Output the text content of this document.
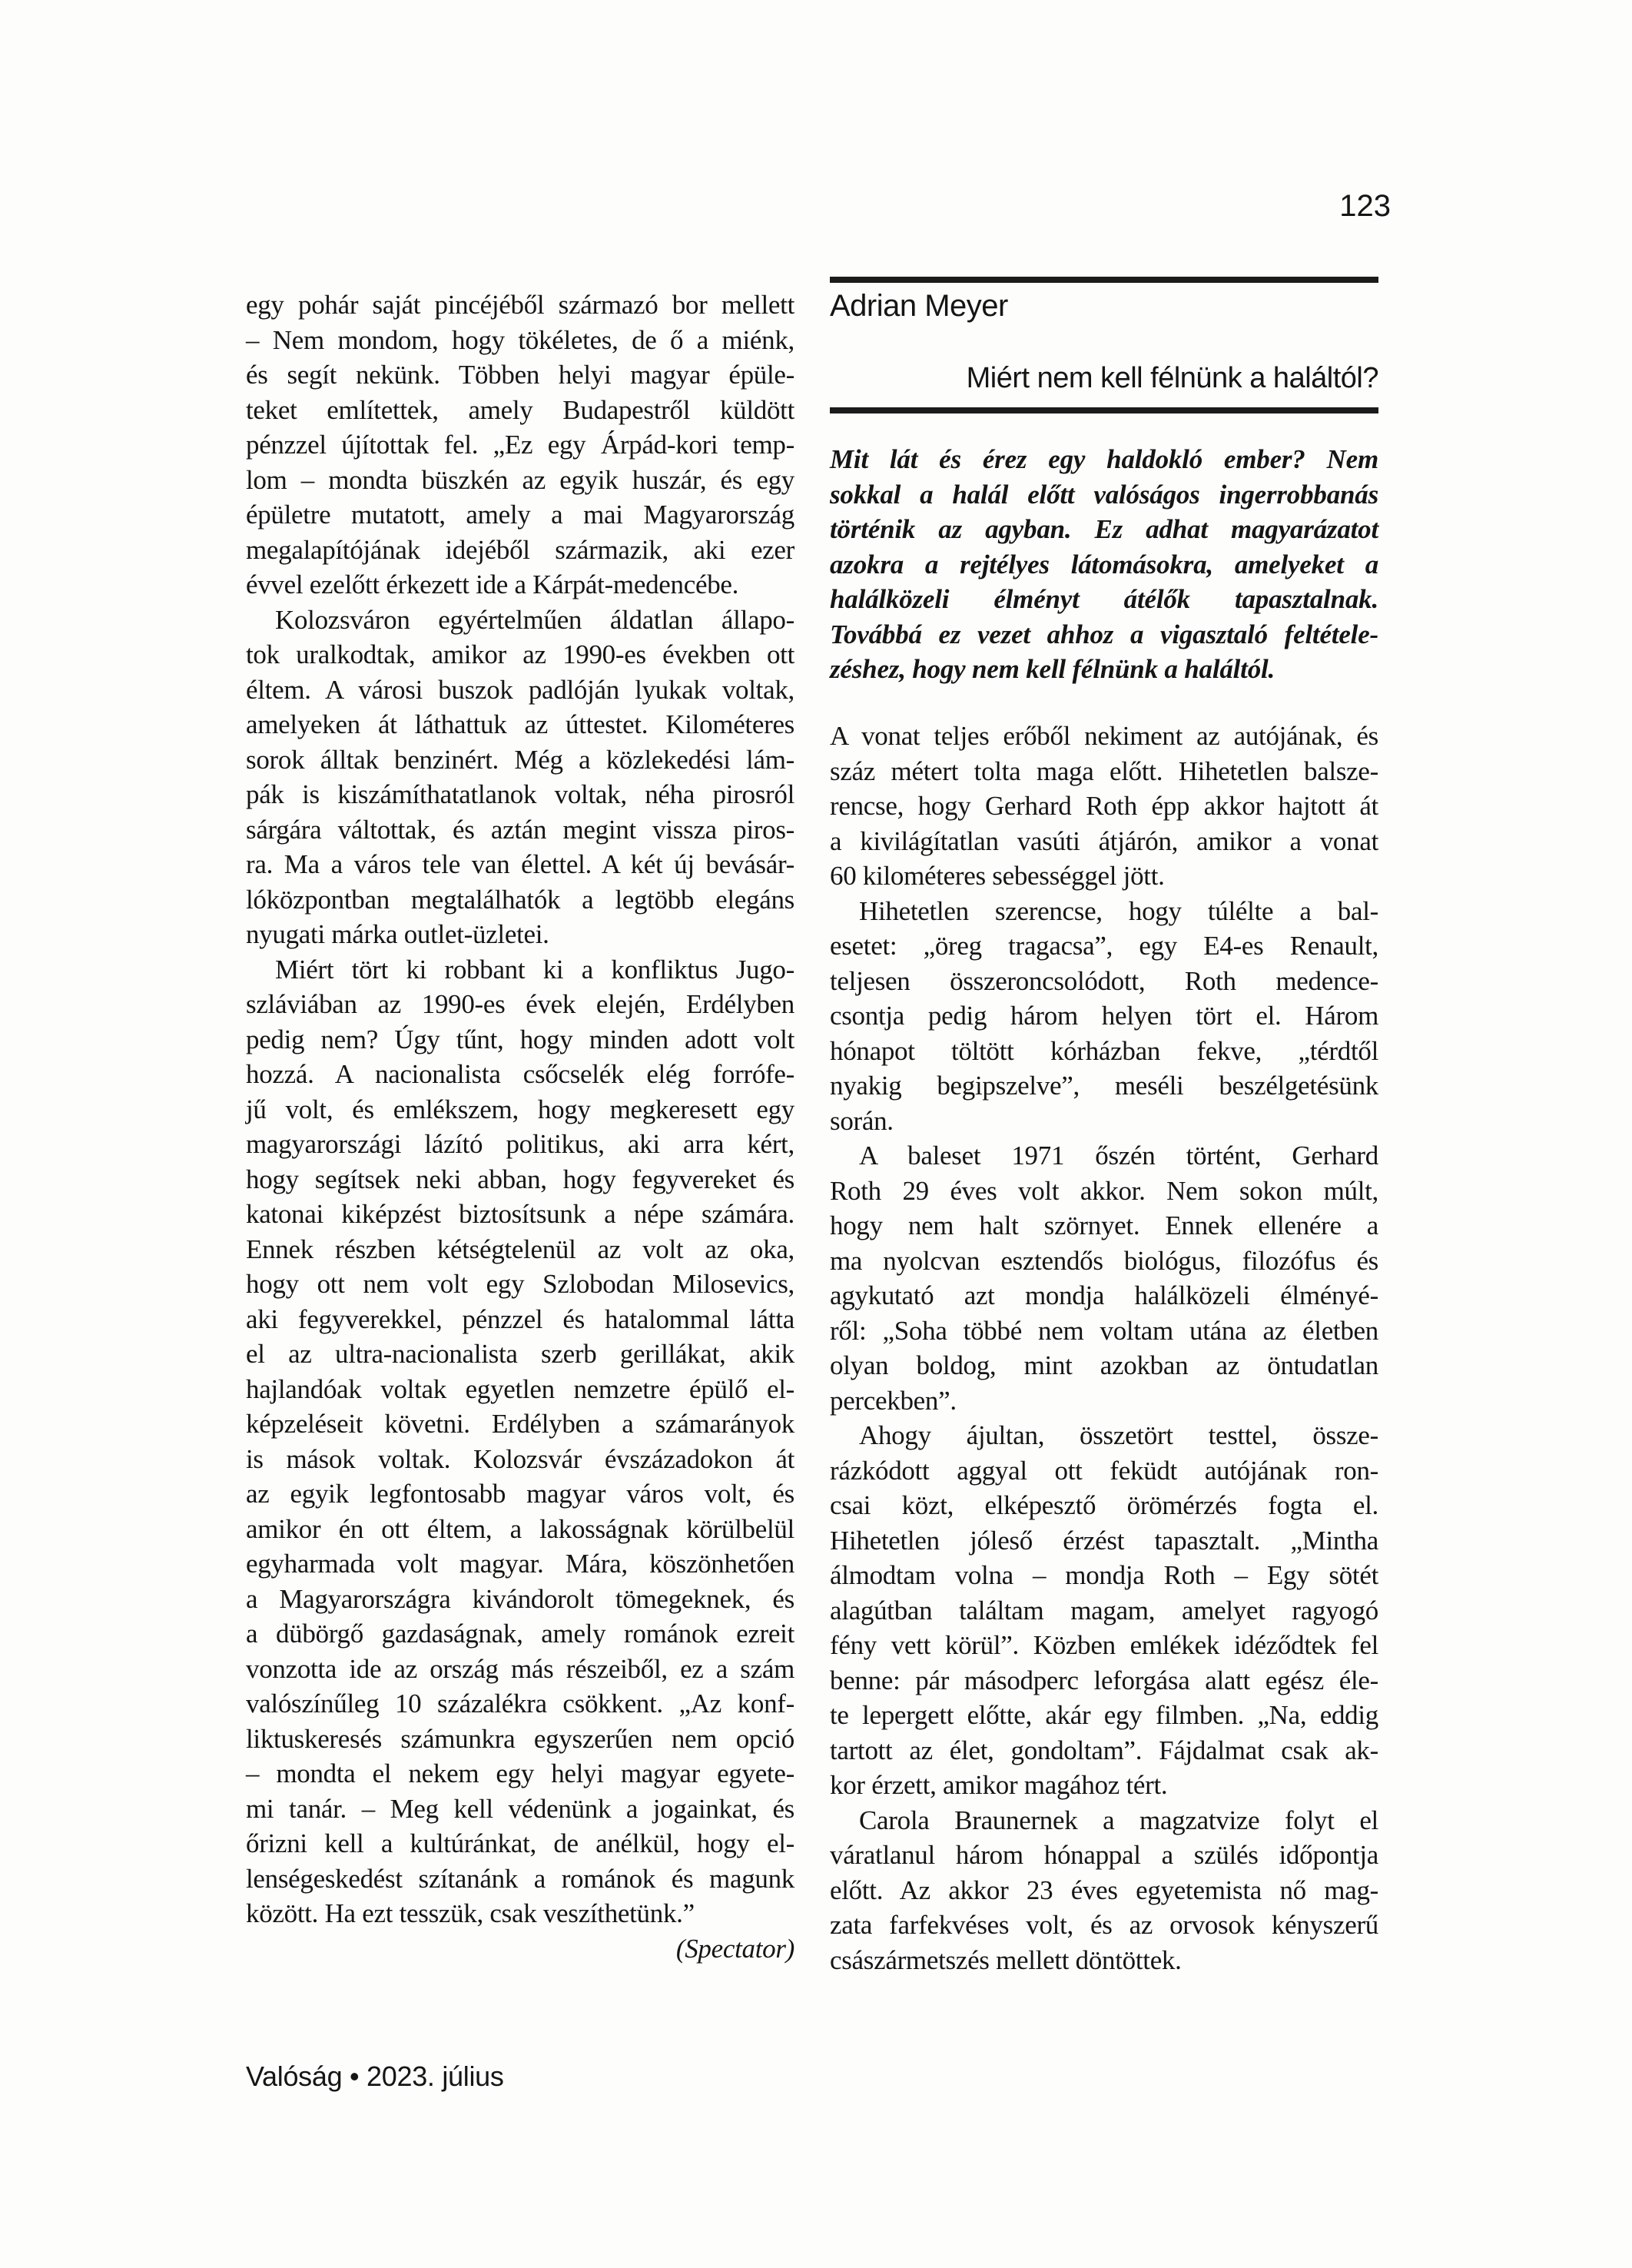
123
egy pohár saját pincéjéből származó bor mellett
– Nem mondom, hogy tökéletes, de ő a miénk,
és segít nekünk. Többen helyi magyar épüle-
teket említettek, amely Budapestről küldött
pénzzel újítottak fel. „Ez egy Árpád-kori temp-
lom – mondta büszkén az egyik huszár, és egy
épületre mutatott, amely a mai Magyarország
megalapítójának idejéből származik, aki ezer
évvel ezelőtt érkezett ide a Kárpát-medencébe.
Kolozsváron egyértelműen áldatlan állapo-
tok uralkodtak, amikor az 1990-es években ott
éltem. A városi buszok padlóján lyukak voltak,
amelyeken át láthattuk az úttestet. Kilométeres
sorok álltak benzinért. Még a közlekedési lám-
pák is kiszámíthatatlanok voltak, néha pirosról
sárgára váltottak, és aztán megint vissza piros-
ra. Ma a város tele van élettel. A két új bevásár-
lóközpontban megtalálhatók a legtöbb elegáns
nyugati márka outlet-üzletei.
Miért tört ki robbant ki a konfliktus Jugo-
szláviában az 1990-es évek elején, Erdélyben
pedig nem? Úgy tűnt, hogy minden adott volt
hozzá. A nacionalista csőcselék elég forrófe-
jű volt, és emlékszem, hogy megkeresett egy
magyarországi lázító politikus, aki arra kért,
hogy segítsek neki abban, hogy fegyvereket és
katonai kiképzést biztosítsunk a népe számára.
Ennek részben kétségtelenül az volt az oka,
hogy ott nem volt egy Szlobodan Milosevics,
aki fegyverekkel, pénzzel és hatalommal látta
el az ultra-nacionalista szerb gerillákat, akik
hajlandóak voltak egyetlen nemzetre épülő el-
képzeléseit követni. Erdélyben a számarányok
is mások voltak. Kolozsvár évszázadokon át
az egyik legfontosabb magyar város volt, és
amikor én ott éltem, a lakosságnak körülbelül
egyharmada volt magyar. Mára, köszönhetően
a Magyarországra kivándorolt tömegeknek, és
a dübörgő gazdaságnak, amely románok ezreit
vonzotta ide az ország más részeiből, ez a szám
valószínűleg 10 százalékra csökkent. „Az konf-
liktuskeresés számunkra egyszerűen nem opció
– mondta el nekem egy helyi magyar egyete-
mi tanár. – Meg kell védenünk a jogainkat, és
őrizni kell a kultúránkat, de anélkül, hogy el-
lenségeskedést szítanánk a románok és magunk
között. Ha ezt tesszük, csak veszíthetünk.”
(Spectator)
Adrian Meyer
Miért nem kell félnünk a haláltól?
Mit lát és érez egy haldokló ember? Nem
sokkal a halál előtt valóságos ingerrobbanás
történik az agyban. Ez adhat magyarázatot
azokra a rejtélyes látomásokra, amelyeket a
halálközeli élményt átélők tapasztalnak.
Továbbá ez vezet ahhoz a vigasztaló feltétele-
zéshez, hogy nem kell félnünk a haláltól.
A vonat teljes erőből nekiment az autójának, és
száz métert tolta maga előtt. Hihetetlen balsze-
rencse, hogy Gerhard Roth épp akkor hajtott át
a kivilágítatlan vasúti átjárón, amikor a vonat
60 kilométeres sebességgel jött.
Hihetetlen szerencse, hogy túlélte a bal-
esetet: „öreg tragacsa”, egy E4-es Renault,
teljesen összeroncsolódott, Roth medence-
csontja pedig három helyen tört el. Három
hónapot töltött kórházban fekve, „térdtől
nyakig begipszelve”, meséli beszélgetésünk
során.
A baleset 1971 őszén történt, Gerhard
Roth 29 éves volt akkor. Nem sokon múlt,
hogy nem halt szörnyet. Ennek ellenére a
ma nyolcvan esztendős biológus, filozófus és
agykutató azt mondja halálközeli élményé-
ről: „Soha többé nem voltam utána az életben
olyan boldog, mint azokban az öntudatlan
percekben”.
Ahogy ájultan, összetört testtel, össze-
rázkódott aggyal ott feküdt autójának ron-
csai közt, elképesztő örömérzés fogta el.
Hihetetlen jóleső érzést tapasztalt. „Mintha
álmodtam volna – mondja Roth – Egy sötét
alagútban találtam magam, amelyet ragyogó
fény vett körül”. Közben emlékek idéződtek fel
benne: pár másodperc leforgása alatt egész éle-
te lepergett előtte, akár egy filmben. „Na, eddig
tartott az élet, gondoltam”. Fájdalmat csak ak-
kor érzett, amikor magához tért.
Carola Braunernek a magzatvize folyt el
váratlanul három hónappal a szülés időpontja
előtt. Az akkor 23 éves egyetemista nő mag-
zata farfekvéses volt, és az orvosok kényszerű
császármetszés mellett döntöttek.
Valóság • 2023. július
